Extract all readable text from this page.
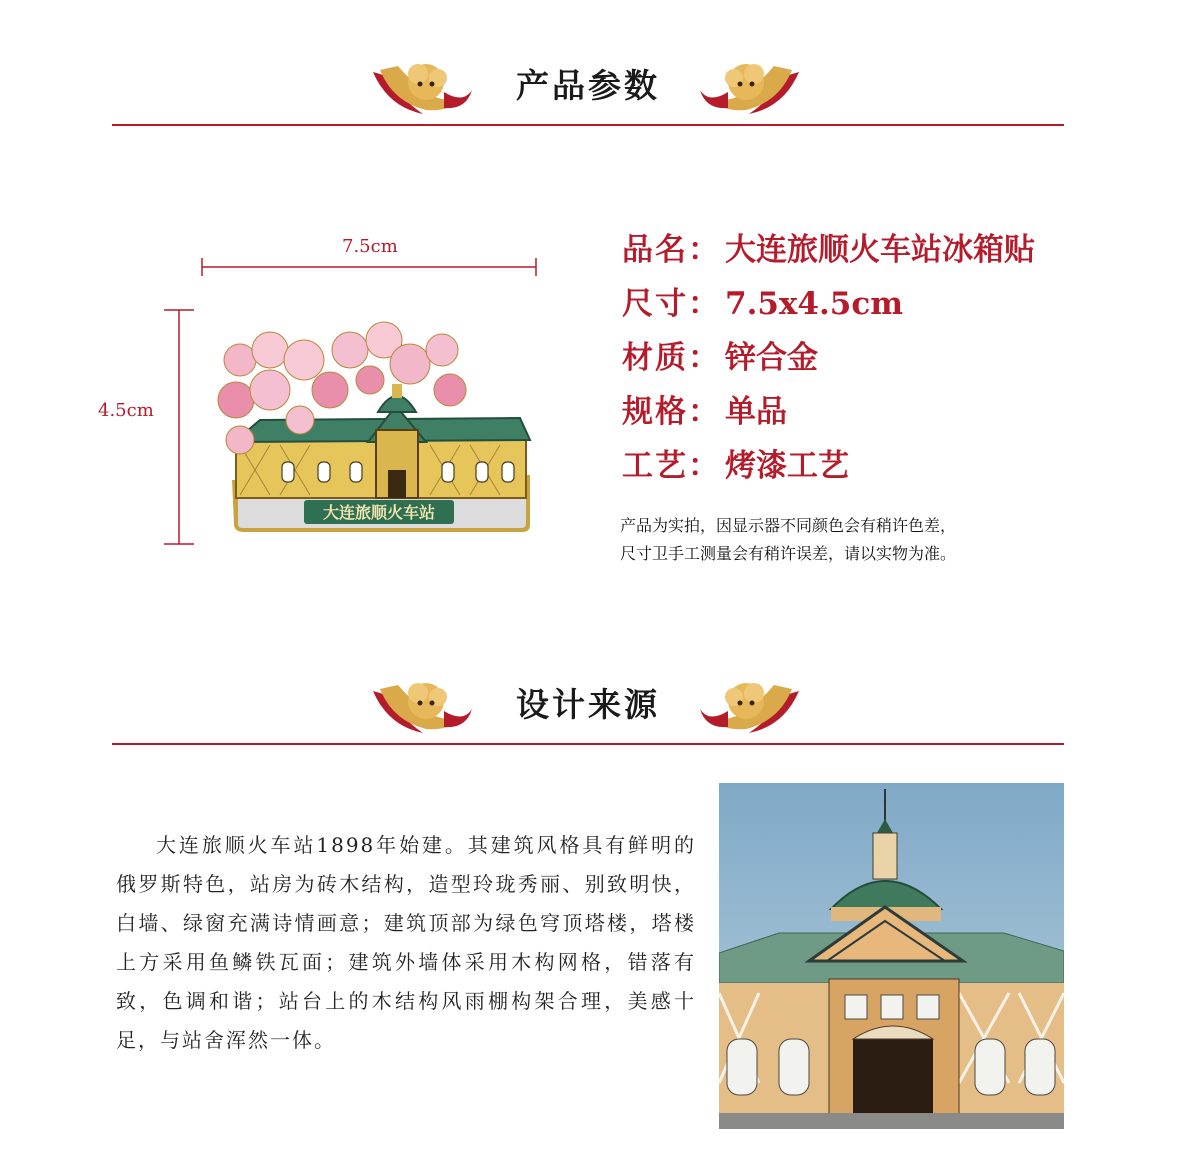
产品参数
7.5cm
4.5cm
大连旅顺火车站
品名： 大连旅顺火车站冰箱贴
尺寸： 7.5x4.5cm
材质： 锌合金
规格： 单品
工艺： 烤漆工艺
产品为实拍，因显示器不同颜色会有稍许色差，
尺寸卫手工测量会有稍许误差，请以实物为准。
设计来源

大连旅顺火车站1898年始建。其建筑风格具有鲜明的俄罗斯特色，站房为砖木结构，造型玲珑秀丽、别致明快，白墙、绿窗充满诗情画意；建筑顶部为绿色穹顶塔楼，塔楼上方采用鱼鳞铁瓦面；建筑外墙体采用木构网格，错落有致，色调和谐；站台上的木结构风雨棚构架合理，美感十足，与站舍浑然一体。
